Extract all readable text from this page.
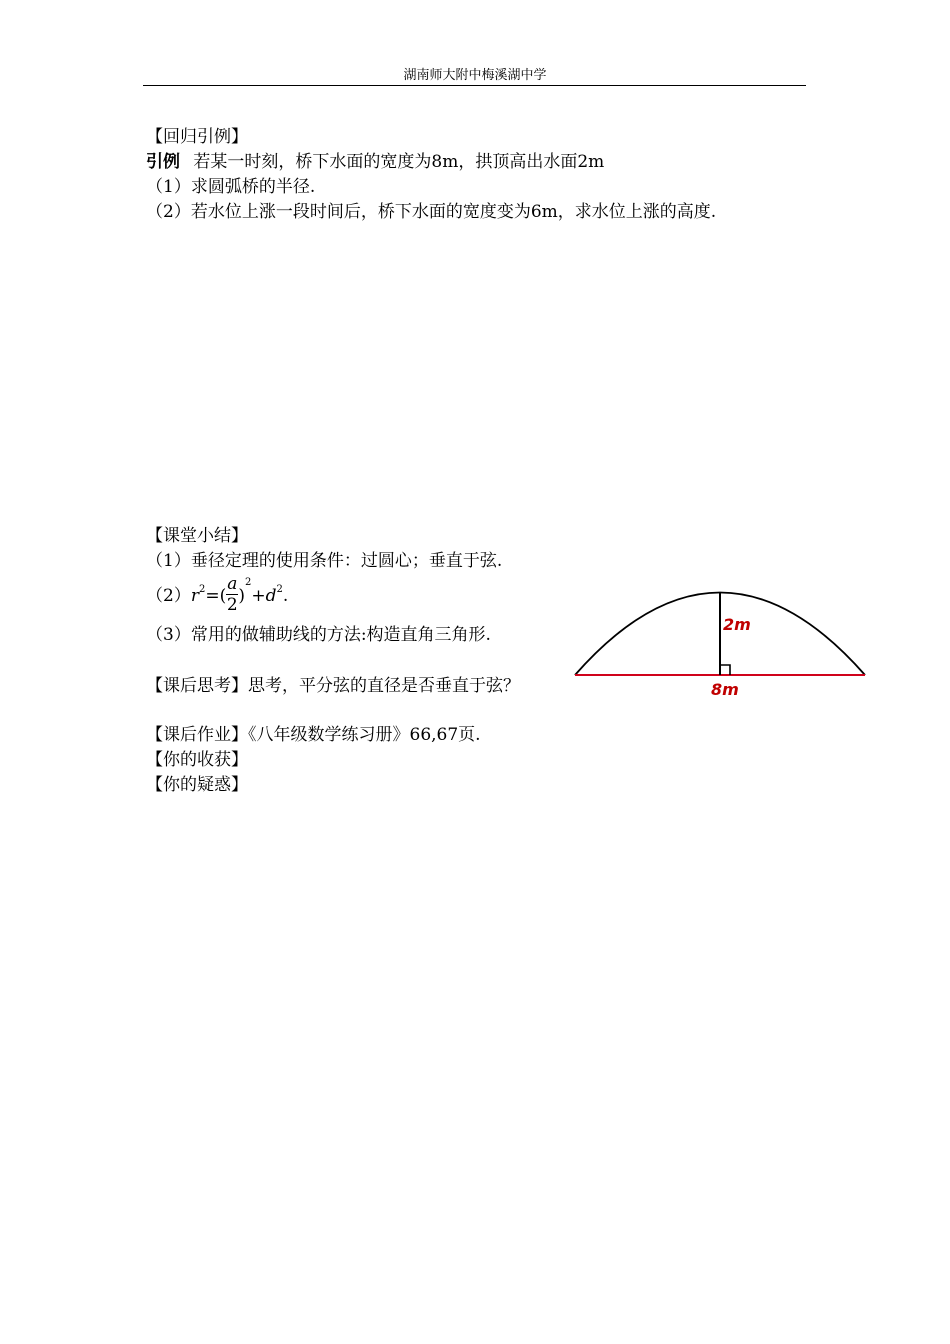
湖南师大附中梅溪湖中学
【回归引例】
引例 若某一时刻，桥下水面的宽度为8m，拱顶高出水面2m
（1）求圆弧桥的半径.
（2）若水位上涨一段时间后，桥下水面的宽度变为6m，求水位上涨的高度.
【课堂小结】
（1）垂径定理的使用条件：过圆心；垂直于弦.
$(2)r^2=( \frac{a}{2} )^2+d^2$.
（3）常用的做辅助线的方法:构造直角三角形.
【课后思考】思考，平分弦的直径是否垂直于弦？
【课后作业】《八年级数学练习册》66,67页.
【你的收获】
【你的疑惑】
2m
8m
